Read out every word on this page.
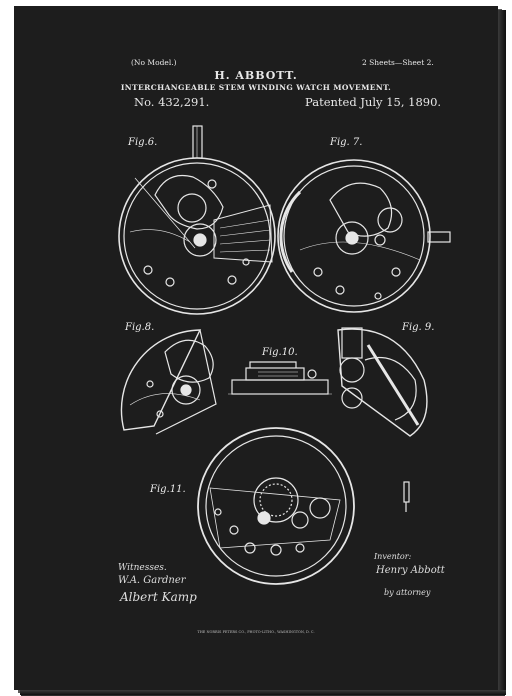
(No Model.)	2 Sheets—Sheet 2.
H. ABBOTT.
INTERCHANGEABLE STEM WINDING WATCH MOVEMENT.
No. 432,291.	Patented July 15, 1890.
Fig.6.	Fig. 7.
Fig.8.	Fig. 9.
Fig.10.
Fig.11.
Witnesses.
W.A. Gardner
Albert Kamp
Inventor:
Henry Abbott
by attorney
THE NORRIS PETERS CO., PHOTO-LITHO., WASHINGTON, D. C.
